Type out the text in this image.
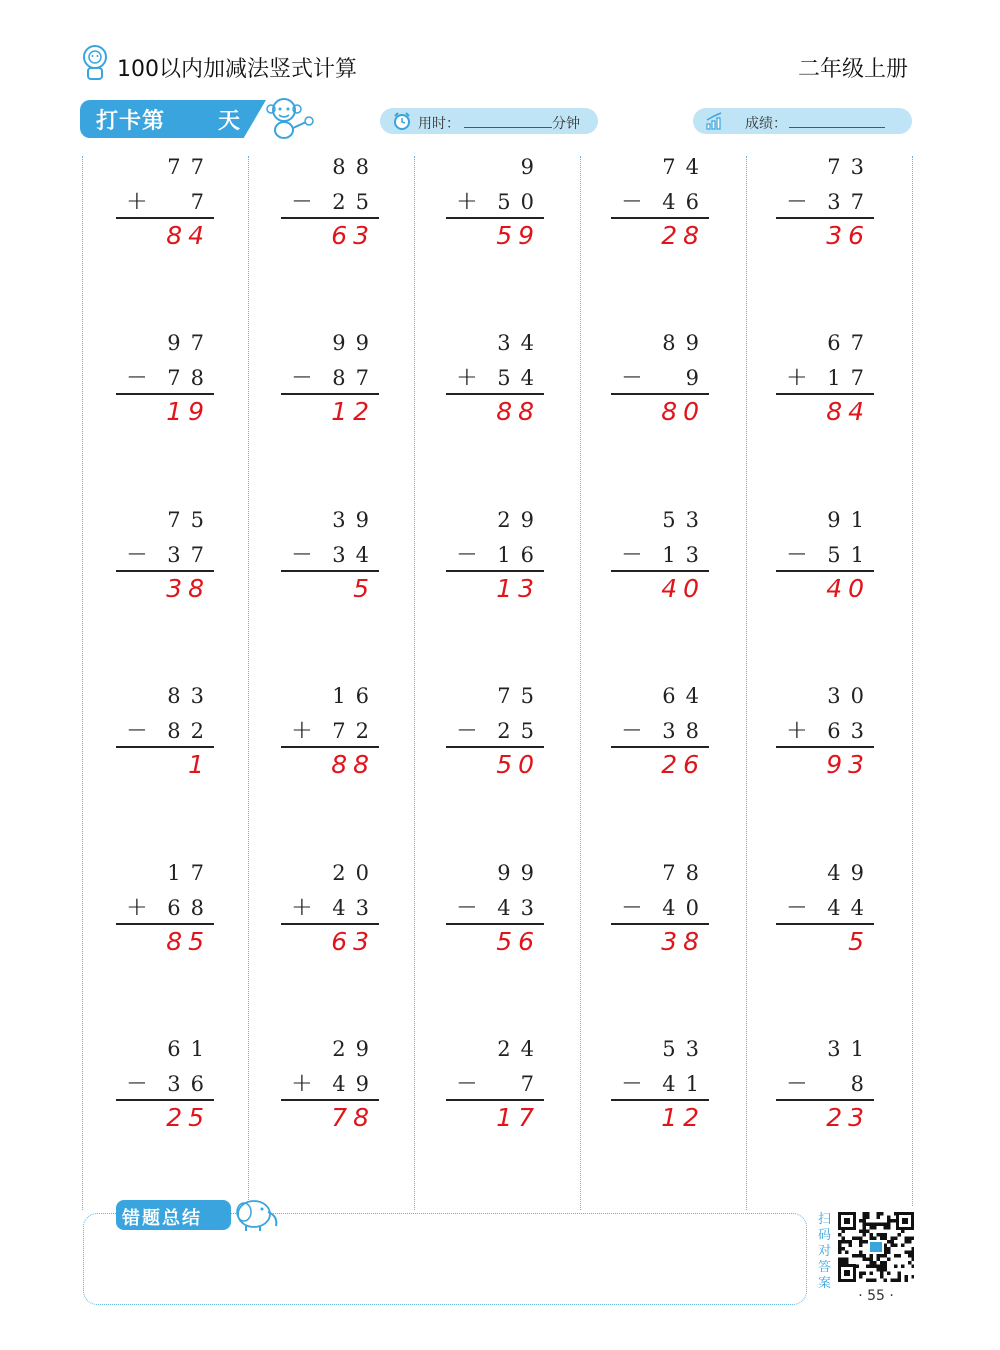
100以内加减法竖式计算	二年级上册
打卡第 天	用时：	分钟	成绩：
77
+ 7
84
88
− 25
63
9
+ 50
59
74
− 46
28
73
− 37
36
97
− 78
19
99
− 87
12
34
+ 54
88
89
− 9
80
67
+ 17
84
75
− 37
38
39
− 34
5
29
− 16
13
53
− 13
40
91
− 51
40
83
− 82
1
16
+ 72
88
75
− 25
50
64
− 38
26
30
+ 63
93
17
+ 68
85
20
+ 43
63
99
− 43
56
78
− 40
38
49
− 44
5
61
− 36
25
29
+ 49
78
24
− 7
17
53
− 41
12
31
− 8
23
错题总结	扫码对答案
· 55 ·
